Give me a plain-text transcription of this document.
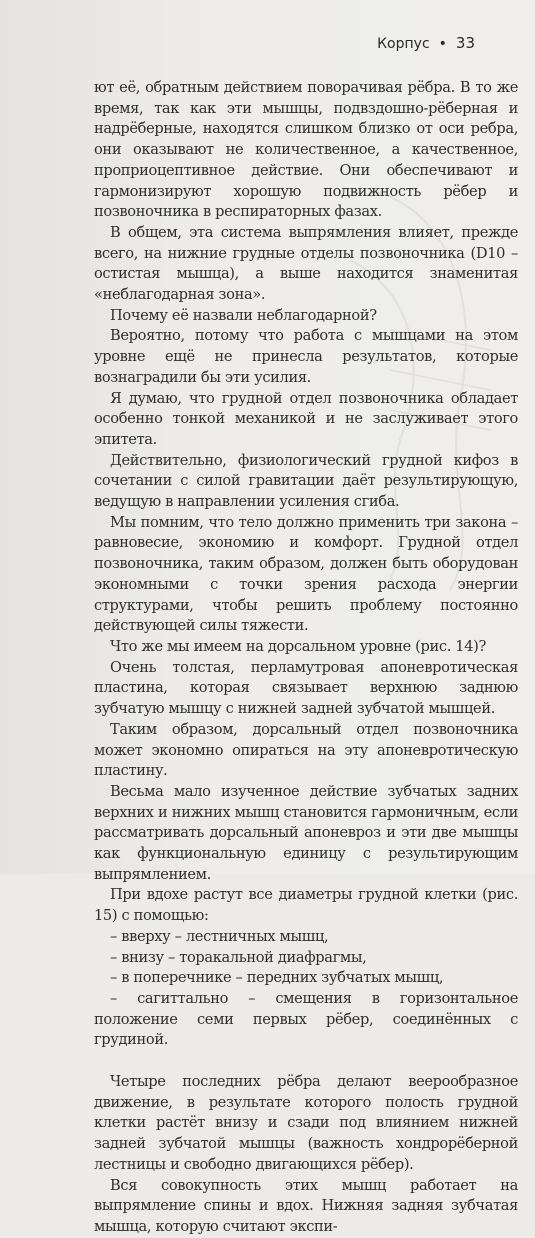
Корпус • 33

ют её, обратным действием поворачивая рёбра. В то же время, так как эти мышцы, подвздошно-рёберная и надрёберные, находятся слишком близко от оси ребра, они оказывают не количественное, а качественное, проприоцептивное действие. Они обеспечивают и гармонизируют хорошую подвижность рёбер и позвоночника в респираторных фазах.

В общем, эта система выпрямления влияет, прежде всего, на нижние грудные отделы позвоночника (D10 – остистая мышца), а выше находится знаменитая «неблагодарная зона».

Почему её назвали неблагодарной?

Вероятно, потому что работа с мышцами на этом уровне ещё не принесла результатов, которые вознаградили бы эти усилия.

Я думаю, что грудной отдел позвоночника обладает особенно тонкой механикой и не заслуживает этого эпитета.

Действительно, физиологический грудной кифоз в сочетании с силой гравитации даёт результирующую, ведущую в направлении усиления сгиба.

Мы помним, что тело должно применить три закона – равновесие, экономию и комфорт. Грудной отдел позвоночника, таким образом, должен быть оборудован экономными с точки зрения расхода энергии структурами, чтобы решить проблему постоянно действующей силы тяжести.

Что же мы имеем на дорсальном уровне (рис. 14)?

Очень толстая, перламутровая апоневротическая пластина, которая связывает верхнюю заднюю зубчатую мышцу с нижней задней зубчатой мышцей.

Таким образом, дорсальный отдел позвоночника может экономно опираться на эту апоневротическую пластину.

Весьма мало изученное действие зубчатых задних верхних и нижних мышц становится гармоничным, если рассматривать дорсальный апоневроз и эти две мышцы как функциональную единицу с результирующим выпрямлением.

При вдохе растут все диаметры грудной клетки (рис. 15) с помощью:

– вверху – лестничных мышц,
– внизу – торакальной диафрагмы,
– в поперечнике – передних зубчатых мышц,
– сагиттально – смещения в горизонтальное положение семи первых рёбер, соединённых с грудиной.

Четыре последних рёбра делают веерообразное движение, в результате которого полость грудной клетки растёт внизу и сзади под влиянием нижней задней зубчатой мышцы (важность хондрорёберной лестницы и свободно двигающихся рёбер).

Вся совокупность этих мышц работает на выпрямление спины и вдох. Нижняя задняя зубчатая мышца, которую считают экспи-
